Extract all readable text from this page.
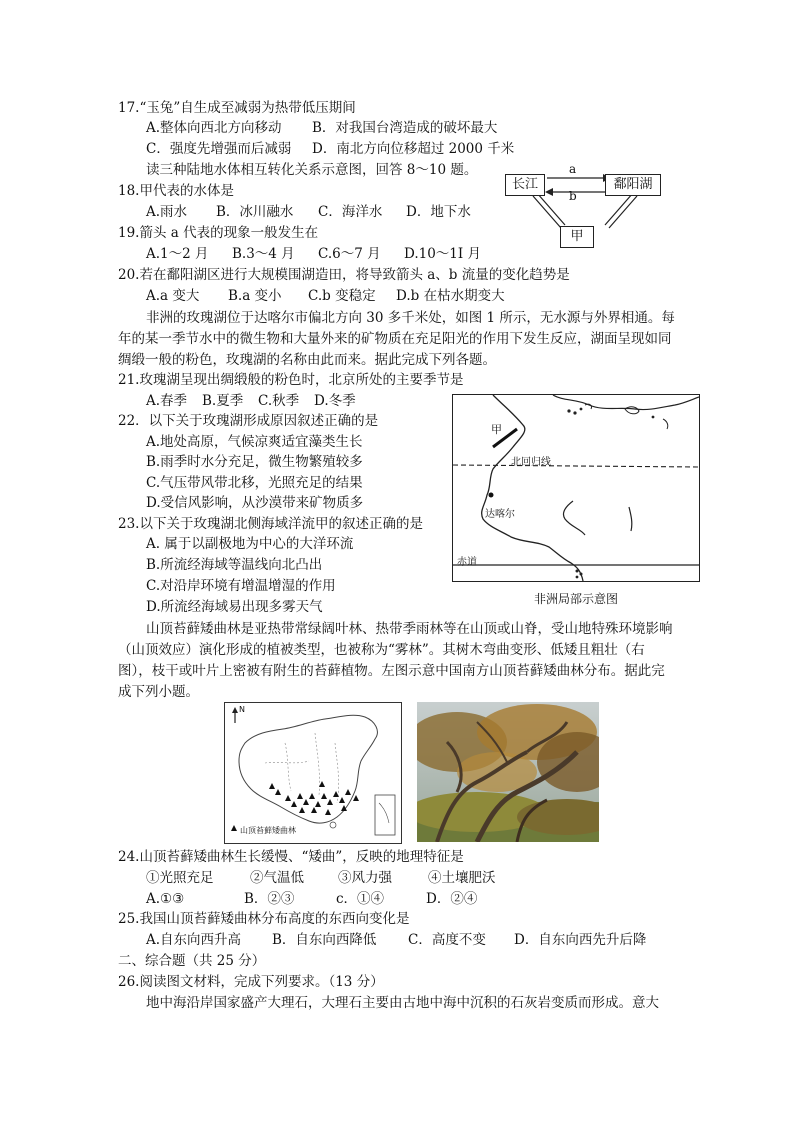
17.“玉兔”自生成至减弱为热带低压期间
A.整体向西北方向移动 B．对我国台湾造成的破坏最大
C．强度先增强而后减弱 D．南北方向位移超过 2000 千米
读三种陆地水体相互转化关系示意图，回答 8～10 题。
长江	鄱阳湖
甲
a
b
18.甲代表的水体是
A.雨水 B．冰川融水 C．海洋水 D．地下水
19.箭头 a 代表的现象一般发生在
A.1～2 月 B.3～4 月 C.6～7 月 D.10～1I 月
20.若在鄱阳湖区进行大规模围湖造田，将导致箭头 a、b 流量的变化趋势是
A.a 变大 B.a 变小 C.b 变稳定 D.b 在枯水期变大
非洲的玫瑰湖位于达喀尔市偏北方向 30 多千米处，如图 1 所示，无水源与外界相通。每年的某一季节水中的微生物和大量外来的矿物质在充足阳光的作用下发生反应，湖面呈现如同绸缎一般的粉色，玫瑰湖的名称由此而来。据此完成下列各题。
21.玫瑰湖呈现出绸缎般的粉色时，北京所处的主要季节是
A.春季 B.夏季 C.秋季 D.冬季
22．以下关于玫瑰湖形成原因叙述正确的是
A.地处高原，气候凉爽适宜藻类生长
B.雨季时水分充足，微生物繁殖较多
C.气压带风带北移，光照充足的结果
D.受信风影响，从沙漠带来矿物质多
23.以下关于玫瑰湖北侧海域洋流甲的叙述正确的是
A. 属于以副极地为中心的大洋环流
B.所流经海域等温线向北凸出
C.对沿岸环境有增温增湿的作用
D.所流经海域易出现多雾天气
甲
北回归线
达喀尔
赤道
非洲局部示意图
山顶苔藓矮曲林是亚热带常绿阔叶林、热带季雨林等在山顶或山脊，受山地特殊环境影响（山顶效应）演化形成的植被类型，也被称为“雾林”。其树木弯曲变形、低矮且粗壮（右图），枝干或叶片上密被有附生的苔藓植物。左图示意中国南方山顶苔藓矮曲林分布。据此完成下列小题。
N
山顶苔藓矮曲林
24.山顶苔藓矮曲林生长缓慢、“矮曲”，反映的地理特征是
①光照充足	②气温低	③风力强	④土壤肥沃
A.①③	B．②③	c．①④	D．②④
25.我国山顶苔藓矮曲林分布高度的东西向变化是
A.自东向西升高 B．自东向西降低 C．高度不变 D．自东向西先升后降
二、综合题（共 25 分）
26.阅读图文材料，完成下列要求。（13 分）
地中海沿岸国家盛产大理石，大理石主要由古地中海中沉积的石灰岩变质而形成。意大
